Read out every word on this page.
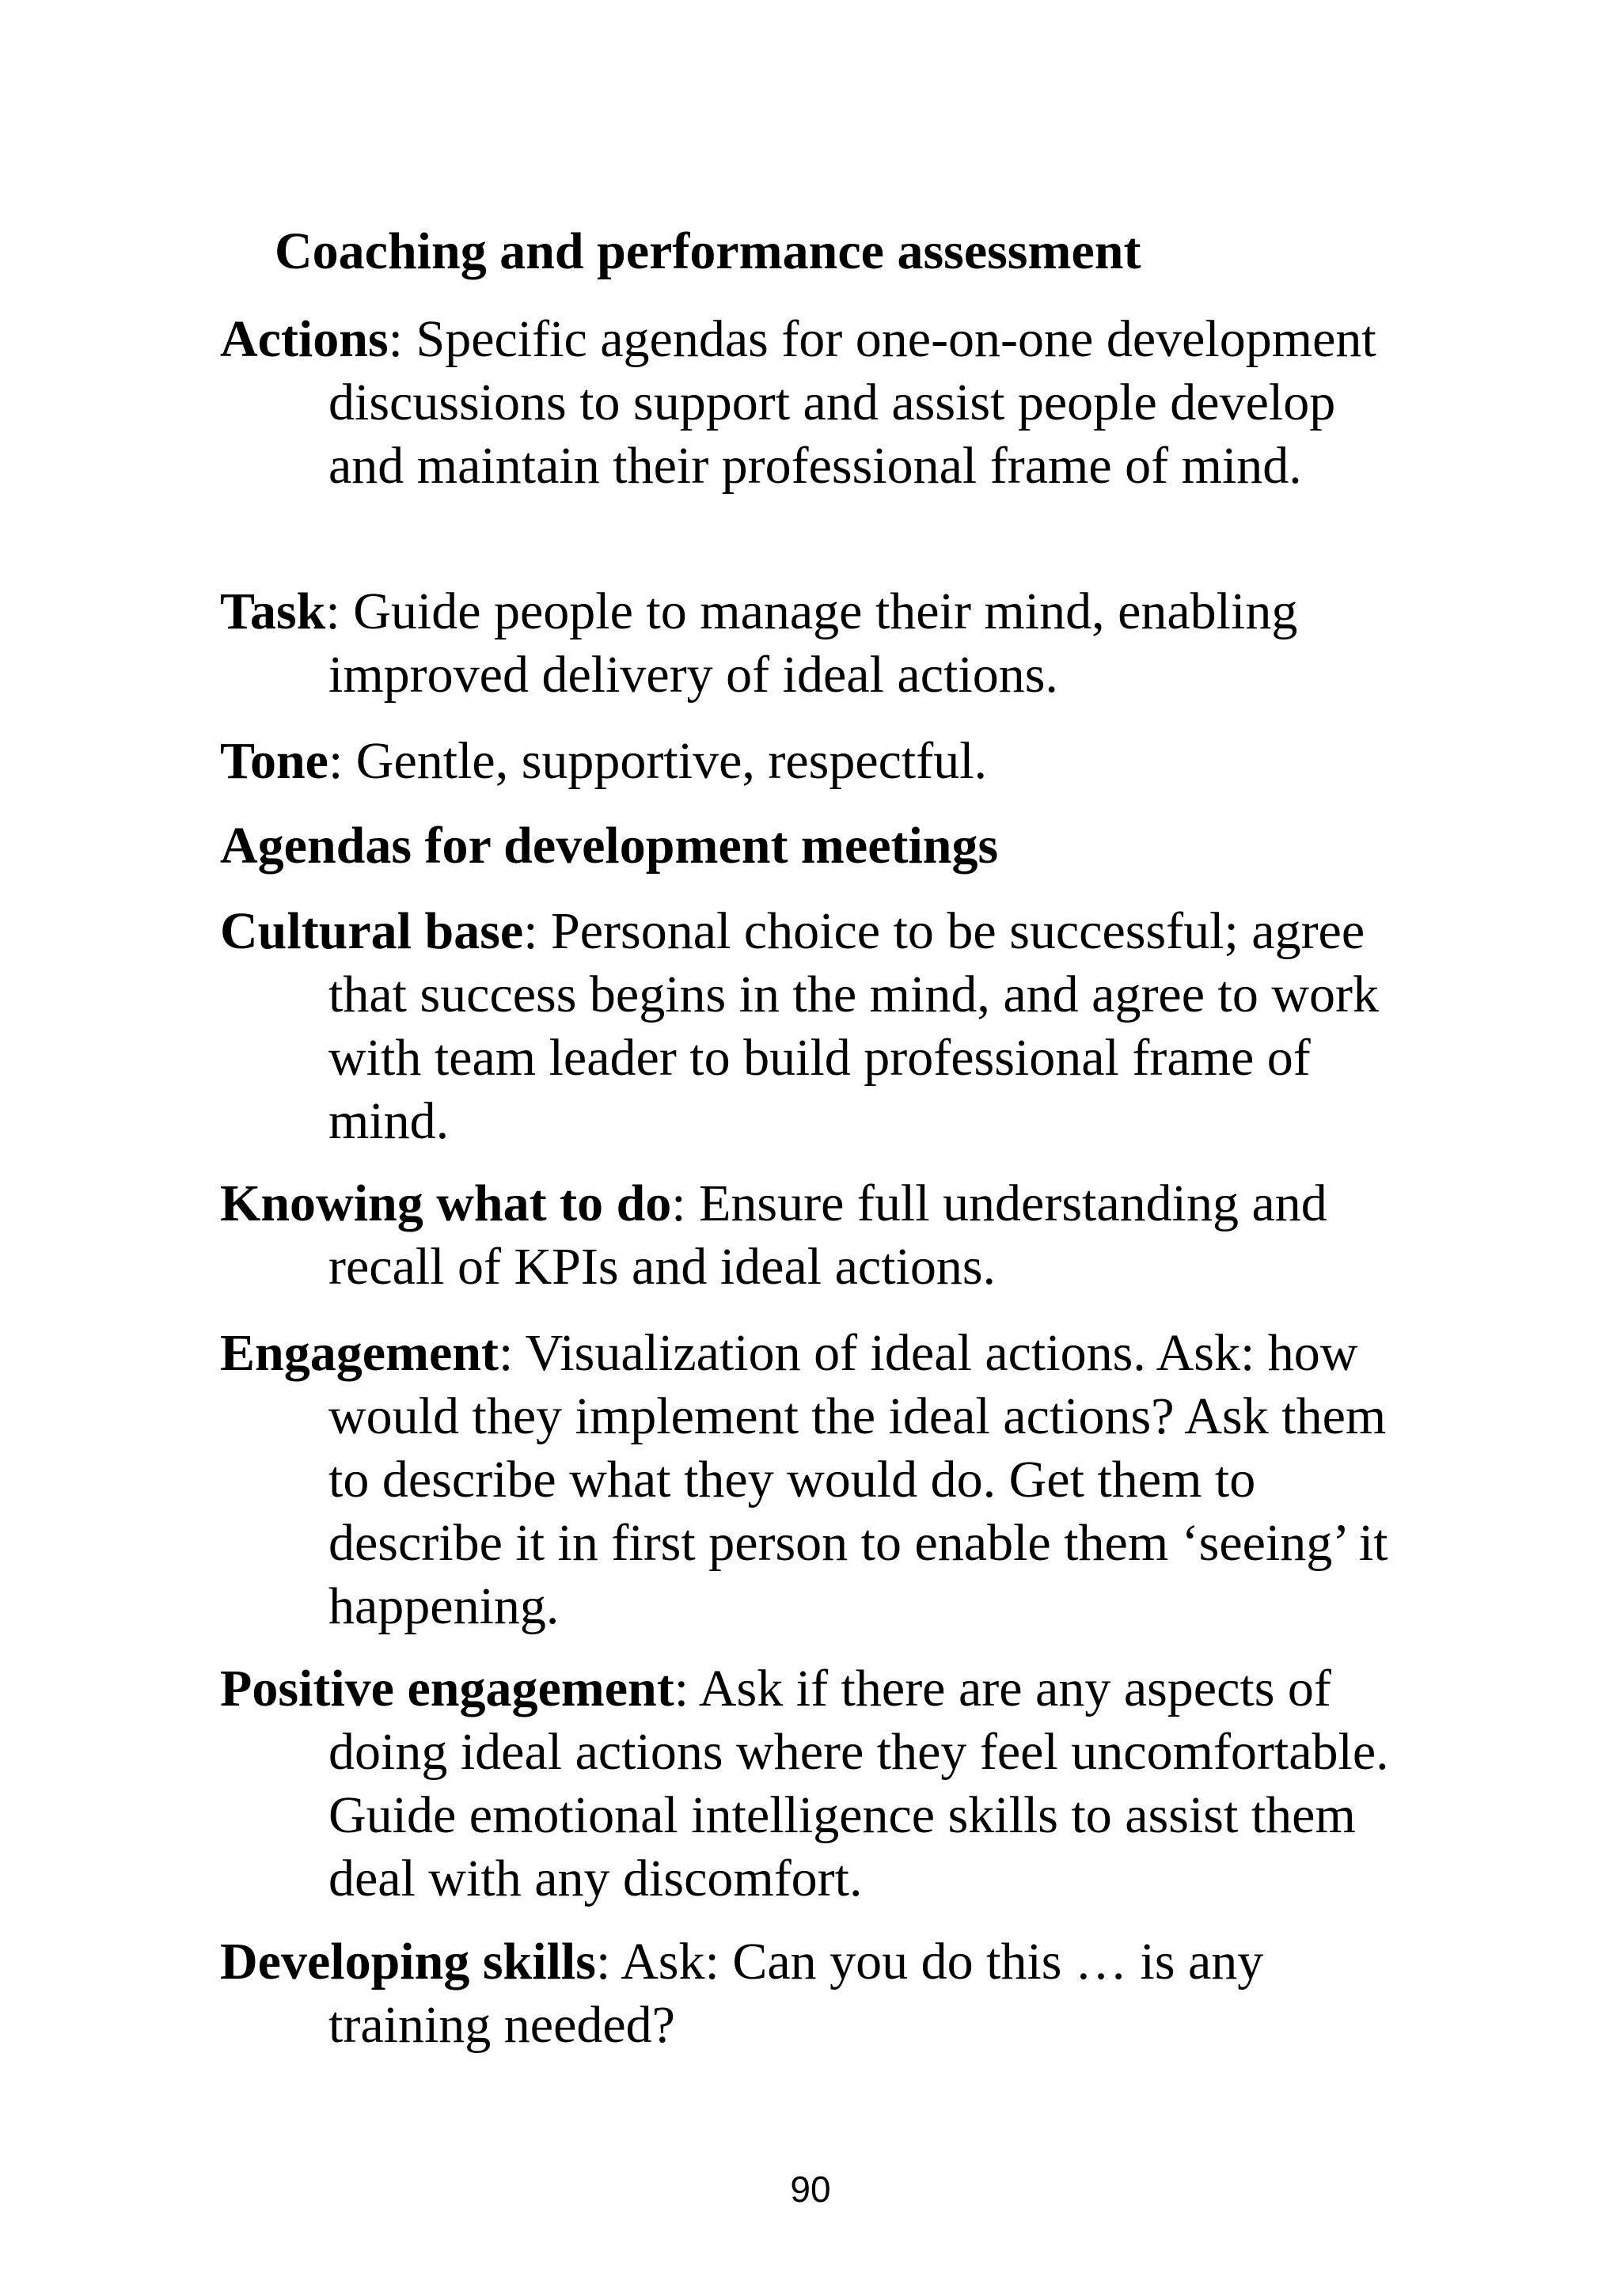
Coaching and performance assessment

Actions: Specific agendas for one-on-one development discussions to support and assist people develop and maintain their professional frame of mind.

Task: Guide people to manage their mind, enabling improved delivery of ideal actions.

Tone: Gentle, supportive, respectful.

Agendas for development meetings

Cultural base: Personal choice to be successful; agree that success begins in the mind, and agree to work with team leader to build professional frame of mind.

Knowing what to do: Ensure full understanding and recall of KPIs and ideal actions.

Engagement: Visualization of ideal actions. Ask: how would they implement the ideal actions? Ask them to describe what they would do. Get them to describe it in first person to enable them ‘seeing’ it happening.

Positive engagement: Ask if there are any aspects of doing ideal actions where they feel uncomfortable. Guide emotional intelligence skills to assist them deal with any discomfort.

Developing skills: Ask: Can you do this … is any training needed?

90
